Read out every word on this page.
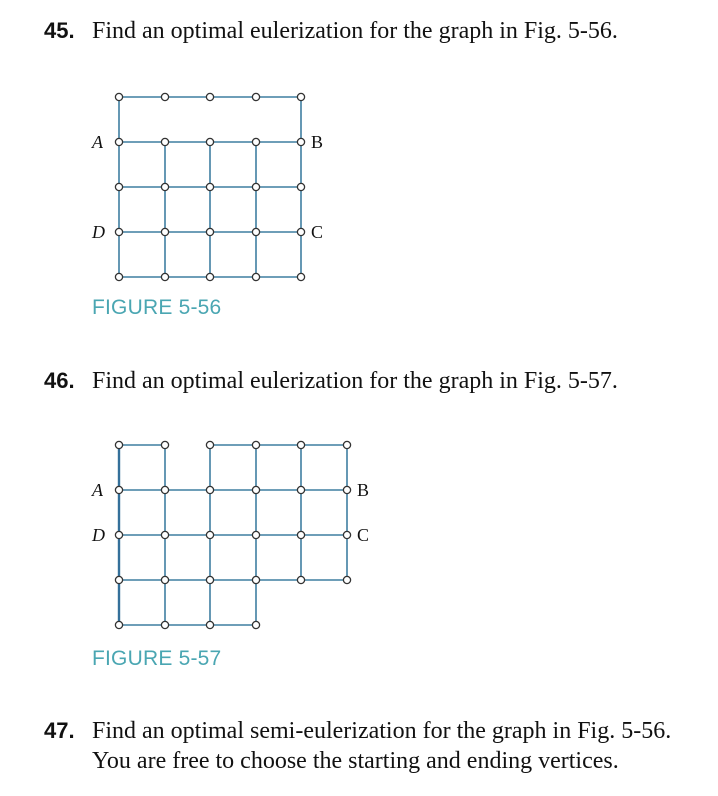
45. Find an optimal eulerization for the graph in Fig. 5-56.
A
D
B
C
FIGURE 5-56
46. Find an optimal eulerization for the graph in Fig. 5-57.
A
D
B
C
FIGURE 5-57
47. Find an optimal semi-eulerization for the graph in Fig. 5-56.
You are free to choose the starting and ending vertices.
